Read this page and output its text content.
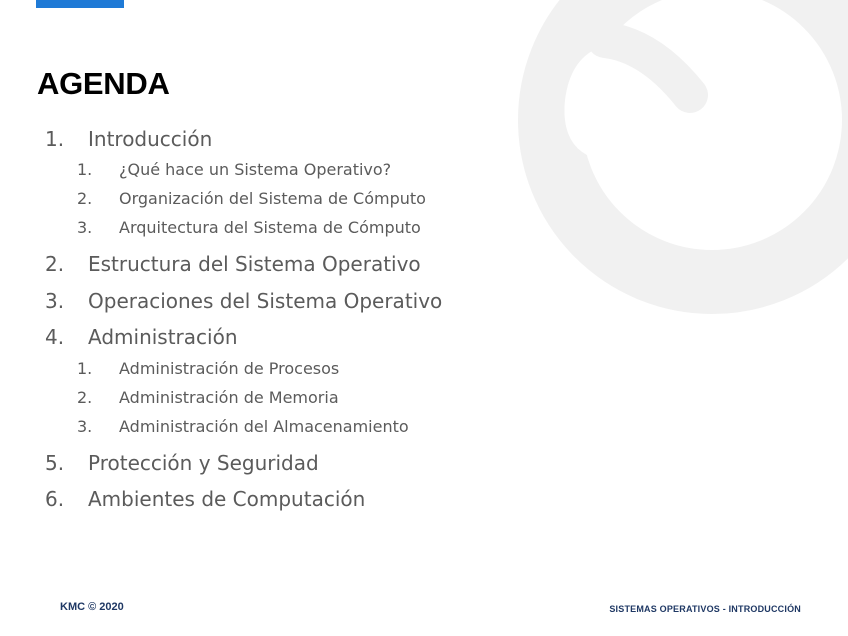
AGENDA
1.	Introducción
1. ¿Qué hace un Sistema Operativo?
2. Organización del Sistema de Cómputo
3. Arquitectura del Sistema de Cómputo
2.	Estructura del Sistema Operativo
3.	Operaciones del Sistema Operativo
4.	Administración
1. Administración de Procesos
2. Administración de Memoria
3. Administración del Almacenamiento
5.	Protección y Seguridad
6.	Ambientes de Computación
KMC © 2020	SISTEMAS OPERATIVOS - INTRODUCCIÓN
